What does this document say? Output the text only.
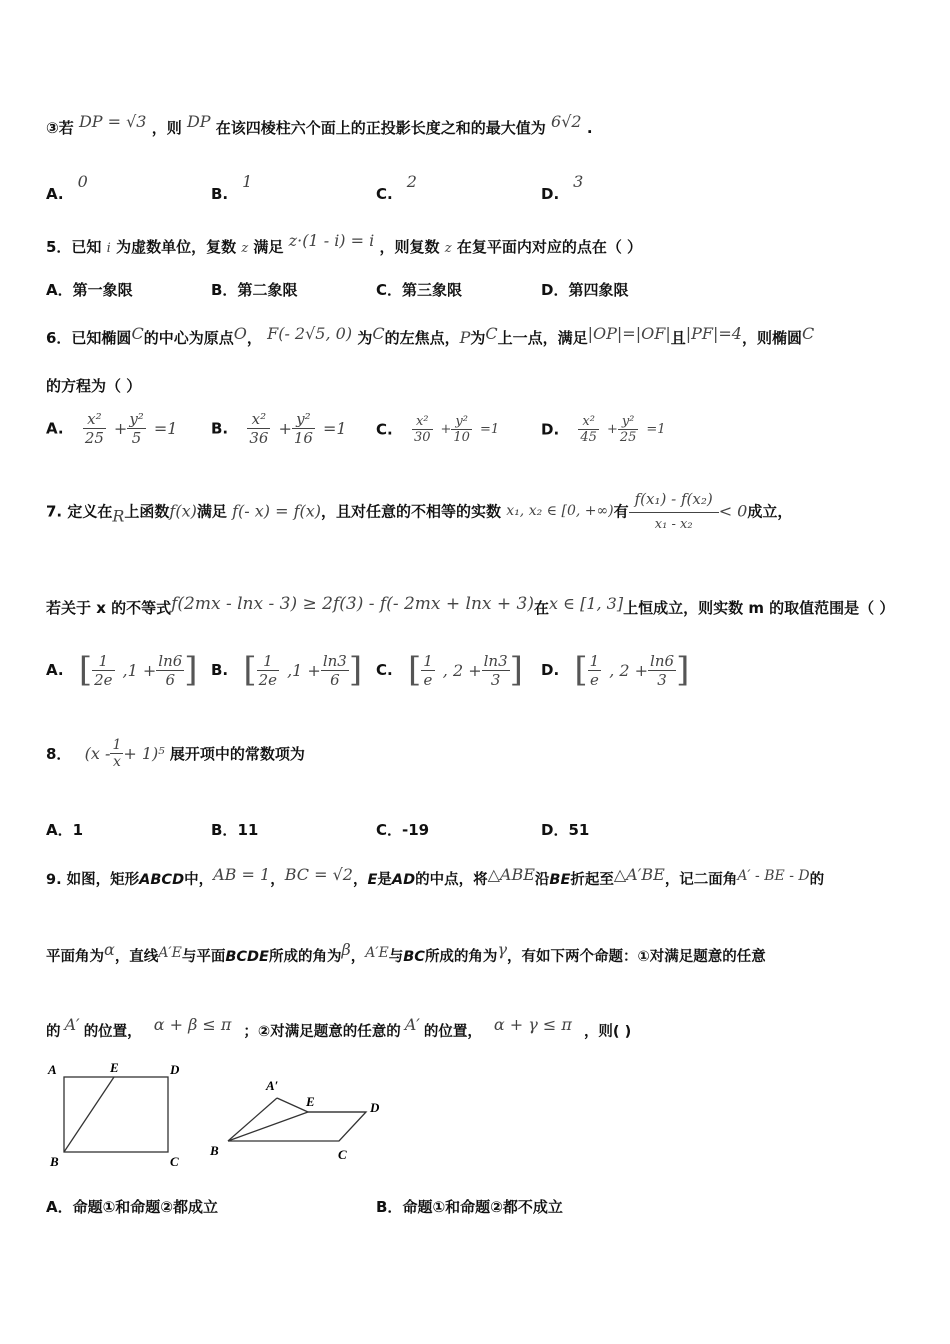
③若 DP = √3 ，则 DP 在该四棱柱六个面上的正投影长度之和的最大值为 6√2 .
A.0
B.1
C.2
D.3
5．已知 i 为虚数单位，复数 z 满足 z·(1 - i) = i ，则复数 z 在复平面内对应的点在（ ）
A．第一象限	B．第二象限	C．第三象限	D．第四象限
6．已知椭圆C的中心为原点O， F(- 2√5, 0) 为C的左焦点，P为C上一点，满足|OP|=|OF|且|PF|=4，则椭圆C
的方程为（ ）
A. $\frac{\text{x²}}{25} + \frac{\text{y²}}{5} =1$ B. $\frac{\text{x²}}{36} + \frac{\text{y²}}{16} =1$ C. $\frac{\text{x²}}{30} + \frac{\text{y²}}{10} =1$	D. $\frac{\text{x²}}{45} + \frac{\text{y²}}{25} =1$
7. 定义在R上函数f(x)满足 f(- x) = f(x)，且对任意的不相等的实数 x₁, x₂ ∈ [0, +∞)有 $\frac{\text{f(x₁) - f(x₂)}}{\text{x₁ - x₂}} < 0$成立，
若关于 x 的不等式f(2mx - lnx - 3) ≥ 2f(3) - f(- 2mx + lnx + 3)在x ∈ [1, 3]上恒成立，则实数 m 的取值范围是（ ）
A. [ $\frac{1}{2e} ,1 + \frac{\ln 6}{6}$ ] B. [ $\frac{1}{2e} ,1 + \frac{\ln 3}{6}$ ] C. [ $\frac{1}{e}$ , $2 + \frac{\ln 3}{3}$ ] D. [ $\frac{1}{e}$ , $2 + \frac{\ln 6}{3}$ ]
8． $(x - \frac{1}{x} + 1)^5$ 展开项中的常数项为
A．1	B．11	C．-19	D．51
9. 如图，矩形ABCD中，AB = 1，BC = √2，E是AD的中点，将△ABE沿BE折起至△A′BE，记二面角A′ - BE - D的
平面角为α，直线A′E与平面BCDE所成的角为β，A′E与BC所成的角为γ，有如下两个命题：①对满足题意的任意
的 A′ 的位置， α + β ≤ π ；②对满足题意的任意的 A′ 的位置， α + γ ≤ π ，则( )
A	E	D
B	C
A′
E	D
B	C
A．命题①和命题②都成立	B．命题①和命题②都不成立
